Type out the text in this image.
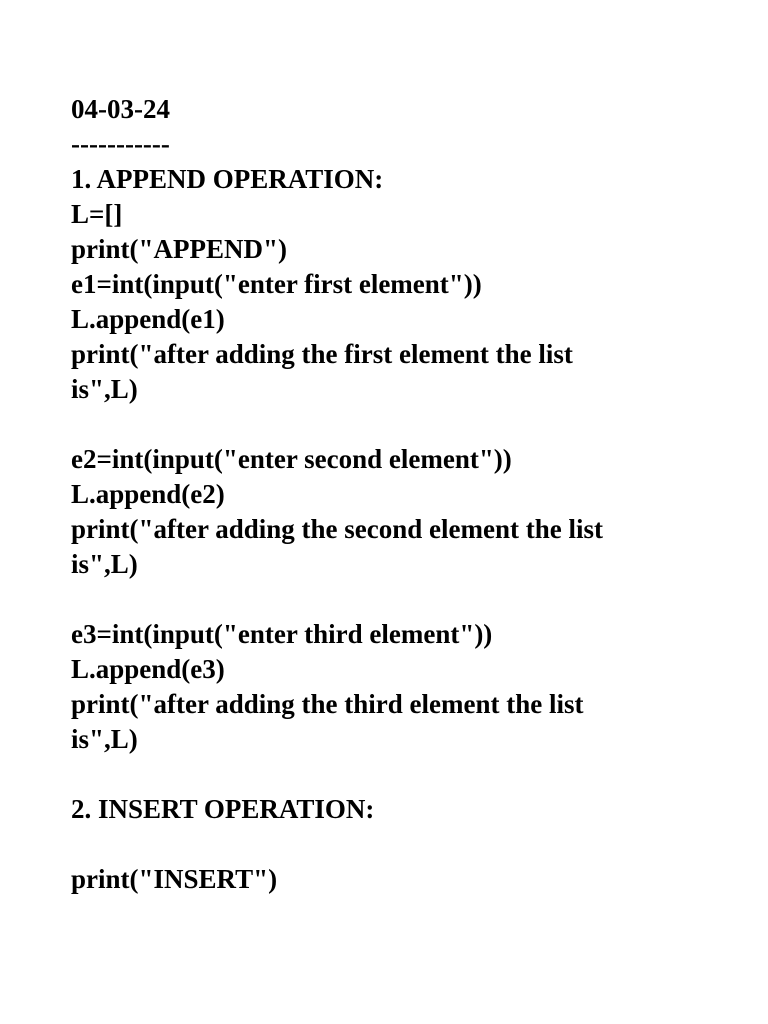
04-03-24
-----------
1. APPEND OPERATION:
L=[]
print("APPEND")
e1=int(input("enter first element"))
L.append(e1)
print("after adding the first element the list
is",L)
e2=int(input("enter second element"))
L.append(e2)
print("after adding the second element the list
is",L)
e3=int(input("enter third element"))
L.append(e3)
print("after adding the third element the list
is",L)
2. INSERT OPERATION:
print("INSERT")
